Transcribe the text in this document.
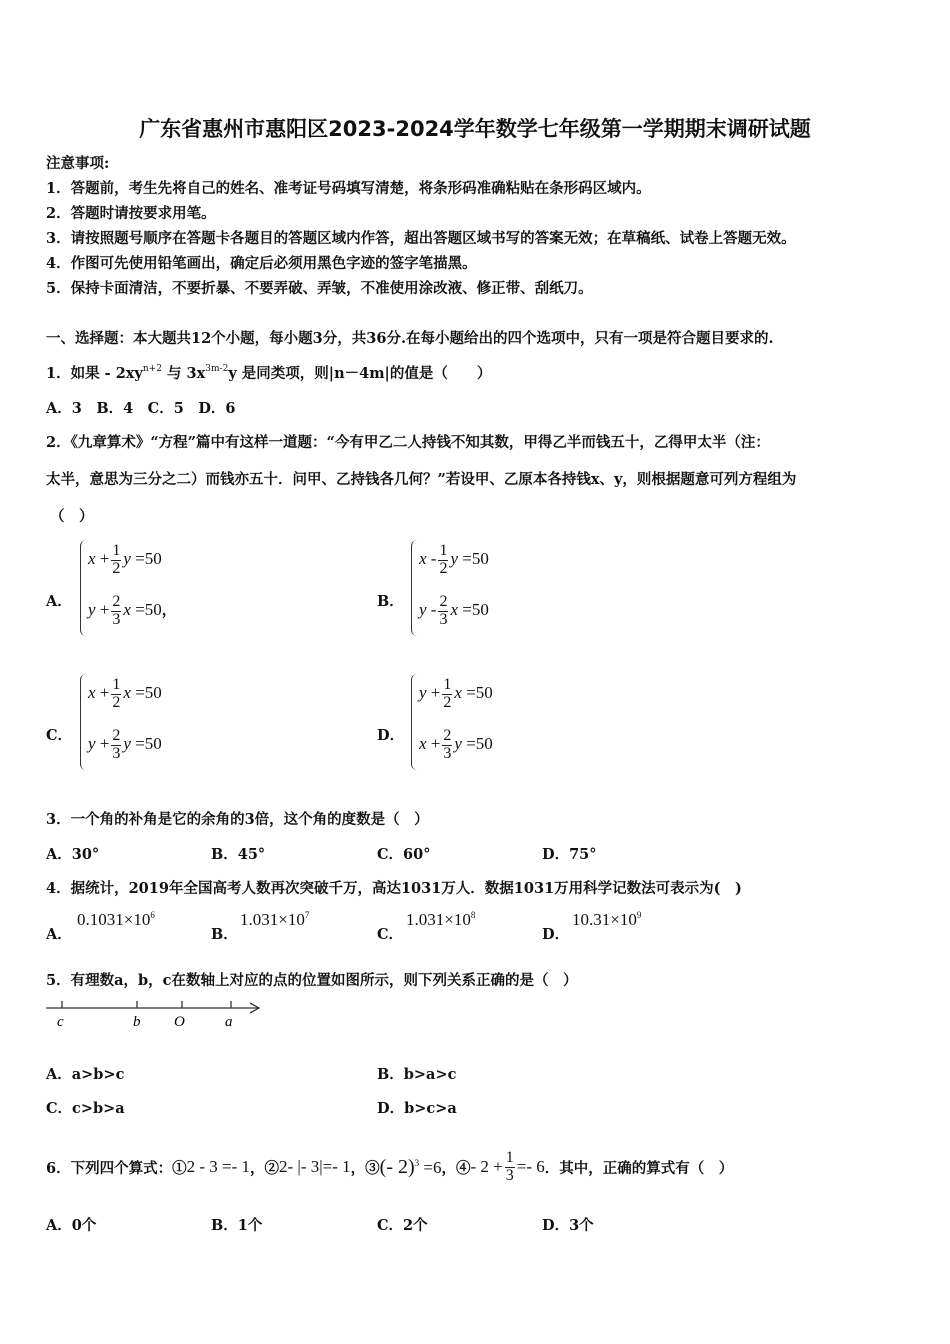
广东省惠州市惠阳区2023-2024学年数学七年级第一学期期末调研试题
注意事项:
1．答题前，考生先将自己的姓名、准考证号码填写清楚，将条形码准确粘贴在条形码区域内。
2．答题时请按要求用笔。
3．请按照题号顺序在答题卡各题目的答题区域内作答，超出答题区域书写的答案无效；在草稿纸、试卷上答题无效。
4．作图可先使用铅笔画出，确定后必须用黑色字迹的签字笔描黑。
5．保持卡面清洁，不要折暴、不要弄破、弄皱，不准使用涂改液、修正带、刮纸刀。
一、选择题：本大题共12个小题，每小题3分，共36分.在每小题给出的四个选项中，只有一项是符合题目要求的.
1．如果 - $2xy^{n+2}$ 与 $3x^{3m-2}y$ 是同类项，则|n－4m|的值是（　　）
A．3　B．4　C．5　D．6
2．《九章算术》“方程”篇中有这样一道题：“今有甲乙二人持钱不知其数，甲得乙半而钱五十，乙得甲太半（注：
太半，意思为三分之二）而钱亦五十．问甲、乙持钱各几何？”若设甲、乙原本各持钱x、y，则根据题意可列方程组为
（　）
A．
$x + \frac{1}{2}$ y =50
$y + \frac{2}{3}$ x =50，
B．
x - $\frac{1}{2}$ y =50
y - $\frac{2}{3}$ x =50
C．
$x + \frac{1}{2}$ x =50
$y + \frac{2}{3}$ y =50	D．
$y + \frac{1}{2}$ x =50
$x + \frac{2}{3}$ y =50
3．一个角的补角是它的余角的3倍，这个角的度数是（　）
A．30°	B．45°	C．60°	D．75°
4．据统计，2019年全国高考人数再次突破千万，高达1031万人．数据1031万用科学记数法可表示为(　)
A．
$0.1031\times 10^6$
B．
$1.031\times 10^7$
C．
$1.031\times 10^8$
D．
$10.31\times 10^9$
5．有理数a，b，c在数轴上对应的点的位置如图所示，则下列关系正确的是（　）
c	b O	a
A．a>b>c	B．b>a>c
C．c>b>a	D．b>c>a
6．下列四个算式：① 2 - 3 =- 1 ，② 2- |- 3|=- 1 ，③ (- 2)$^3$ =6 ，④ - $2 + \frac{1}{3} =- 6$ ．其中，正确的算式有（　）
A．0个	B．1个	C．2个	D．3个
